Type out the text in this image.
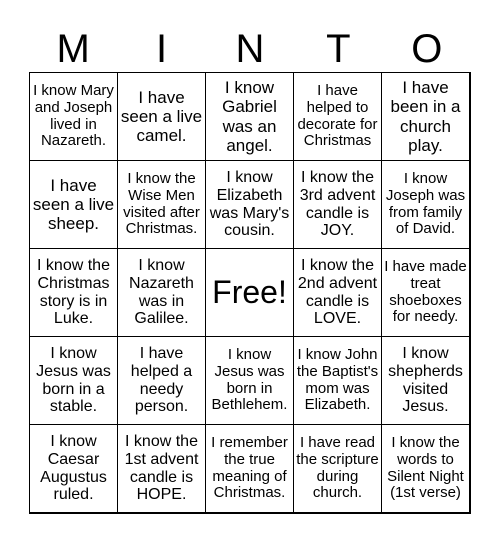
M	I	N	T	O
I know Mary and Joseph lived in Nazareth.
I have seen a live camel.
I know Gabriel was an angel.
I have helped to decorate for Christmas
I have been in a church play.
I have seen a live sheep.
I know the Wise Men visited after Christmas.
I know Elizabeth was Mary's cousin.
I know the 3rd advent candle is JOY.
I know Joseph was from family of David.
I know the Christmas story is in Luke.
I know Nazareth was in Galilee.
Free!
I know the 2nd advent candle is LOVE.
I have made treat shoeboxes for needy.
I know Jesus was born in a stable.
I have helped a needy person.
I know Jesus was born in Bethlehem.
I know John the Baptist's mom was Elizabeth.
I know shepherds visited Jesus.
I know Caesar Augustus ruled.
I know the 1st advent candle is HOPE.
I remember the true meaning of Christmas.
I have read the scripture during church.
I know the words to Silent Night (1st verse)
